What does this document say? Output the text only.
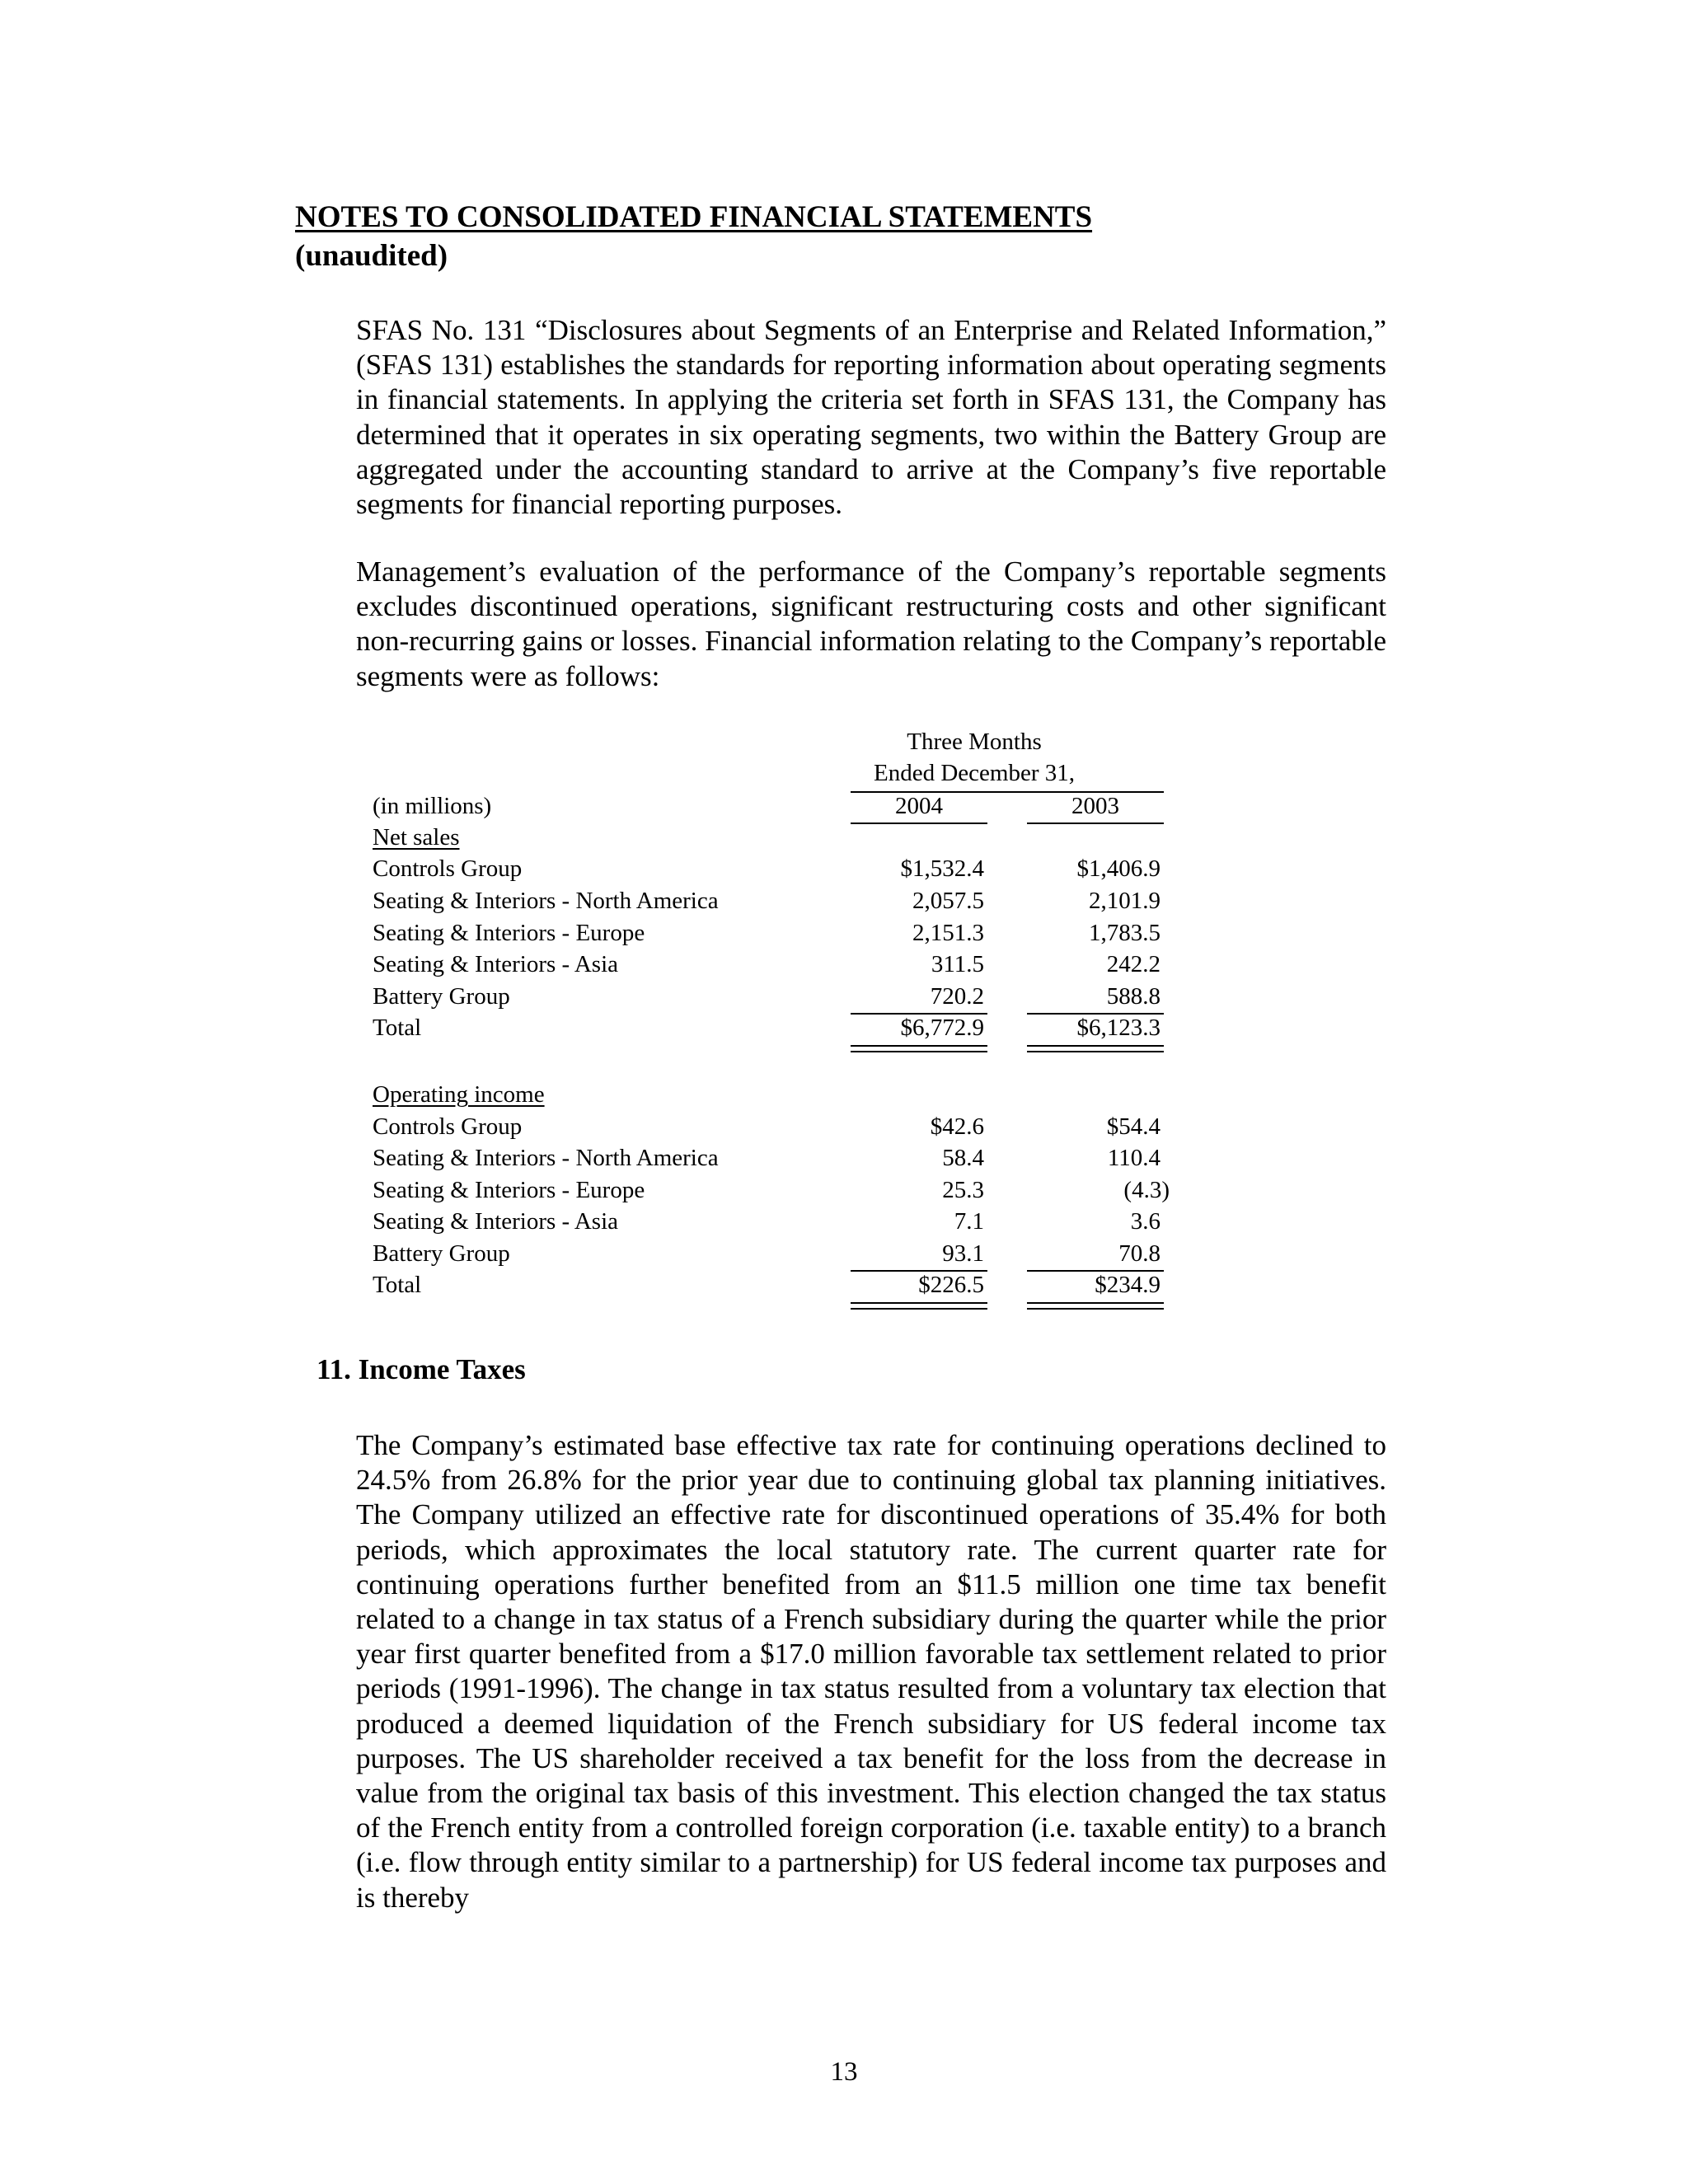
NOTES TO CONSOLIDATED FINANCIAL STATEMENTS
(unaudited)

SFAS No. 131 “Disclosures about Segments of an Enterprise and Related Information,” (SFAS 131) establishes the standards for reporting information about operating segments in financial statements. In applying the criteria set forth in SFAS 131, the Company has determined that it operates in six operating segments, two within the Battery Group are aggregated under the accounting standard to arrive at the Company’s five reportable segments for financial reporting purposes.

Management’s evaluation of the performance of the Company’s reportable segments excludes discontinued operations, significant restructuring costs and other significant non-recurring gains or losses. Financial information relating to the Company’s reportable segments were as follows:

Three Months
Ended December 31,
(in millions)	2004	2003
Net sales
Controls Group	$1,532.4	$1,406.9
Seating & Interiors - North America	2,057.5	2,101.9
Seating & Interiors - Europe	2,151.3	1,783.5
Seating & Interiors - Asia	311.5	242.2
Battery Group	720.2	588.8
Total	$6,772.9	$6,123.3
Operating income
Controls Group	$42.6	$54.4
Seating & Interiors - North America	58.4	110.4
Seating & Interiors - Europe	25.3	(4.3)
Seating & Interiors - Asia	7.1	3.6
Battery Group	93.1	70.8
Total	$226.5	$234.9
11. Income Taxes

The Company’s estimated base effective tax rate for continuing operations declined to 24.5% from 26.8% for the prior year due to continuing global tax planning initiatives. The Company utilized an effective rate for discontinued operations of 35.4% for both periods, which approximates the local statutory rate. The current quarter rate for continuing operations further benefited from an $11.5 million one time tax benefit related to a change in tax status of a French subsidiary during the quarter while the prior year first quarter benefited from a $17.0 million favorable tax settlement related to prior periods (1991-1996). The change in tax status resulted from a voluntary tax election that produced a deemed liquidation of the French subsidiary for US federal income tax purposes. The US shareholder received a tax benefit for the loss from the decrease in value from the original tax basis of this investment. This election changed the tax status of the French entity from a controlled foreign corporation (i.e. taxable entity) to a branch (i.e. flow through entity similar to a partnership) for US federal income tax purposes and is thereby

13
